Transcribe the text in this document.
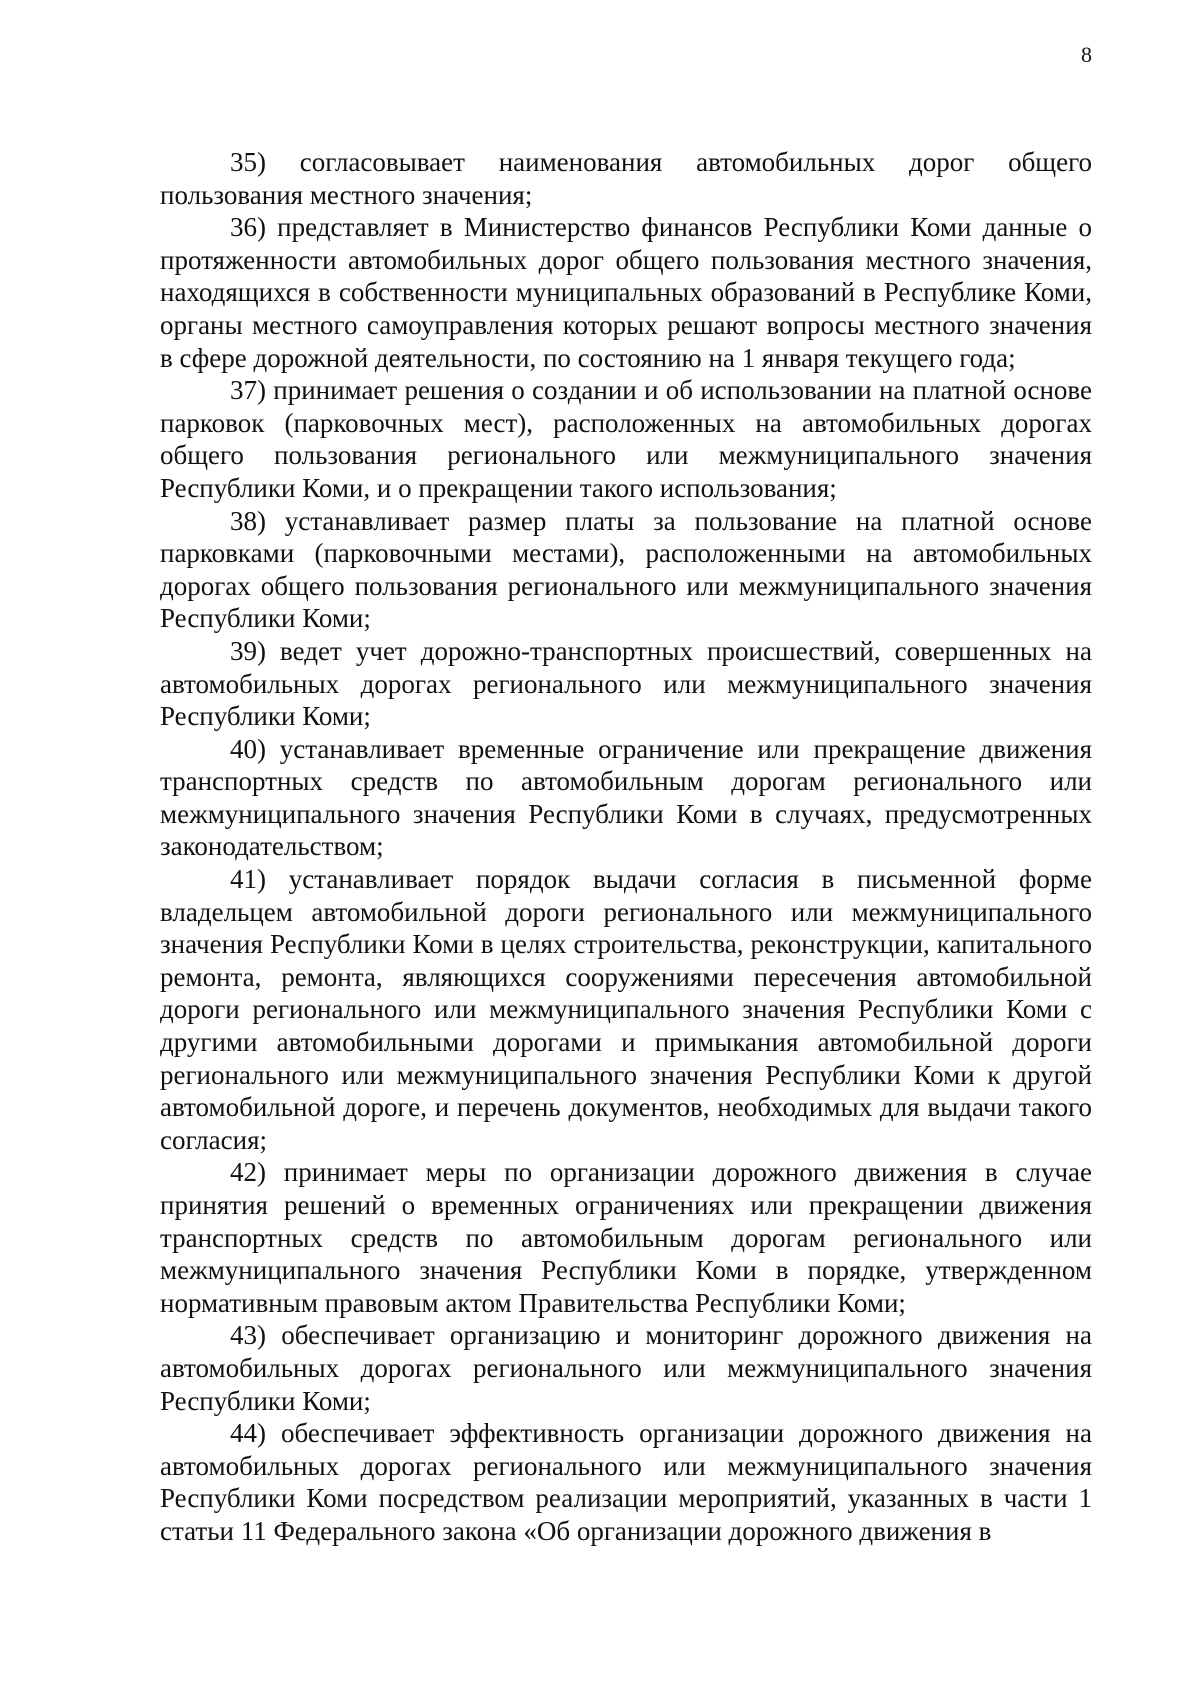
8

35) согласовывает наименования автомобильных дорог общего пользования местного значения;

36) представляет в Министерство финансов Республики Коми данные о протяженности автомобильных дорог общего пользования местного значения, находящихся в собственности муниципальных образований в Республике Коми, органы местного самоуправления которых решают вопросы местного значения в сфере дорожной деятельности, по состоянию на 1 января текущего года;

37) принимает решения о создании и об использовании на платной основе парковок (парковочных мест), расположенных на автомобильных дорогах общего пользования регионального или межмуниципального значения Республики Коми, и о прекращении такого использования;

38) устанавливает размер платы за пользование на платной основе парковками (парковочными местами), расположенными на автомобильных дорогах общего пользования регионального или межмуниципального значения Республики Коми;

39) ведет учет дорожно-транспортных происшествий, совершенных на автомобильных дорогах регионального или межмуниципального значения Республики Коми;

40) устанавливает временные ограничение или прекращение движения транспортных средств по автомобильным дорогам регионального или межмуниципального значения Республики Коми в случаях, предусмотренных законодательством;

41) устанавливает порядок выдачи согласия в письменной форме владельцем автомобильной дороги регионального или межмуниципального значения Республики Коми в целях строительства, реконструкции, капитального ремонта, ремонта, являющихся сооружениями пересечения автомобильной дороги регионального или межмуниципального значения Республики Коми с другими автомобильными дорогами и примыкания автомобильной дороги регионального или межмуниципального значения Республики Коми к другой автомобильной дороге, и перечень документов, необходимых для выдачи такого согласия;

42) принимает меры по организации дорожного движения в случае принятия решений о временных ограничениях или прекращении движения транспортных средств по автомобильным дорогам регионального или межмуниципального значения Республики Коми в порядке, утвержденном нормативным правовым актом Правительства Республики Коми;

43) обеспечивает организацию и мониторинг дорожного движения на автомобильных дорогах регионального или межмуниципального значения Республики Коми;

44) обеспечивает эффективность организации дорожного движения на автомобильных дорогах регионального или межмуниципального значения Республики Коми посредством реализации мероприятий, указанных в части 1 статьи 11 Федерального закона «Об организации дорожного движения в
